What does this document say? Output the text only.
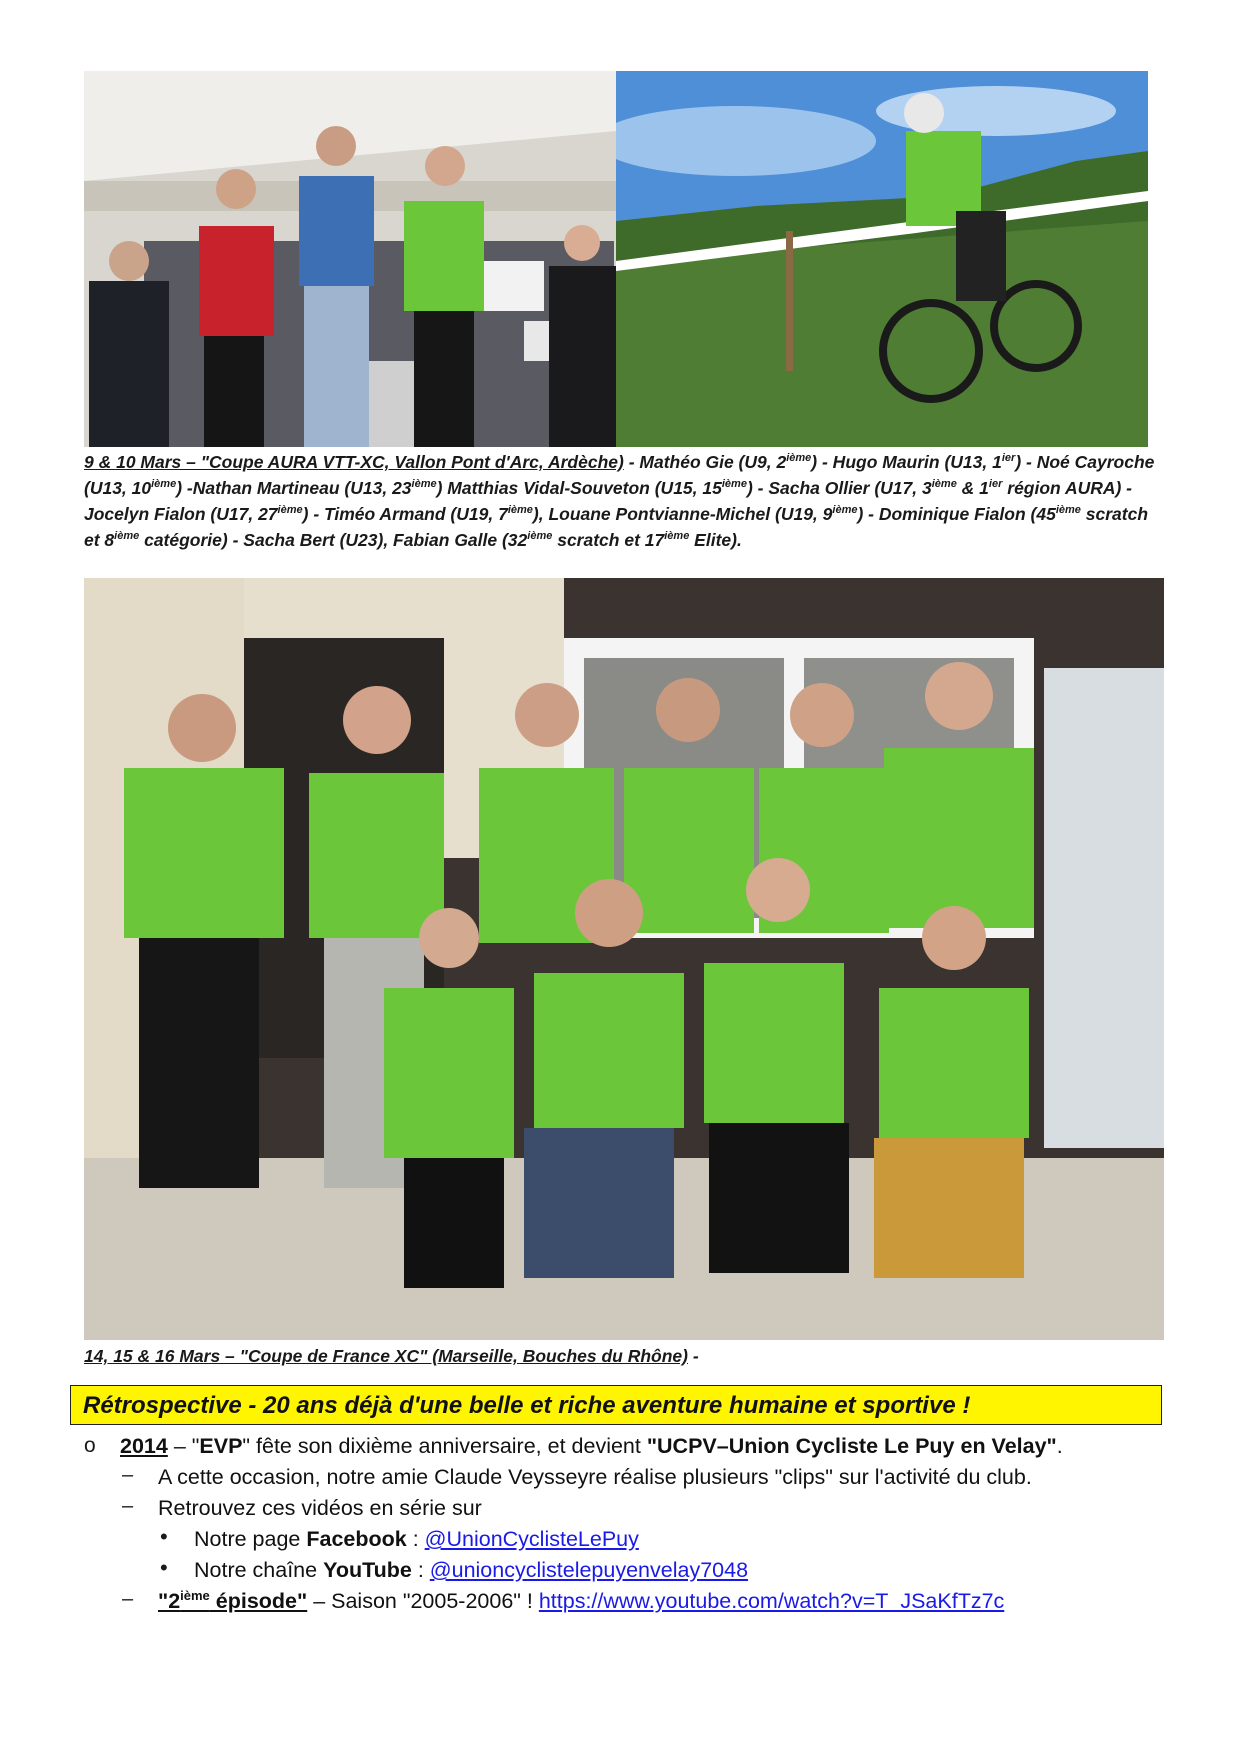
9 & 10 Mars – "Coupe AURA VTT-XC, Vallon Pont d'Arc, Ardèche) - Mathéo Gie (U9, 2ième) - Hugo Maurin (U13, $1^{ier}$) - Noé Cayroche (U13, 10ième) -Nathan Martineau (U13, 23ième) Matthias Vidal-Souveton (U15, 15ième) - Sacha Ollier (U17, 3ième & $1^{ier}$ région AURA) - Jocelyn Fialon (U17, 27ième) - Timéo Armand (U19, 7ième), Louane Pontvianne-Michel (U19, 9ième) - Dominique Fialon (45ième scratch et 8ième catégorie) - Sacha Bert (U23), Fabian Galle (32ième scratch et 17ième Elite).
14, 15 & 16 Mars – "Coupe de France XC" (Marseille, Bouches du Rhône) -
Rétrospective - 20 ans déjà d'une belle et riche aventure humaine et sportive !
o 2014 – "EVP" fête son dixième anniversaire, et devient "UCPV–Union Cycliste Le Puy en Velay".
– A cette occasion, notre amie Claude Veysseyre réalise plusieurs "clips" sur l'activité du club.
– Retrouvez ces vidéos en série sur
• Notre page Facebook : @UnionCyclisteLePuy
• Notre chaîne YouTube : @unioncyclistelepuyenvelay7048
– "2ième épisode" – Saison "2005-2006" ! https://www.youtube.com/watch?v=T_JSaKfTz7c
